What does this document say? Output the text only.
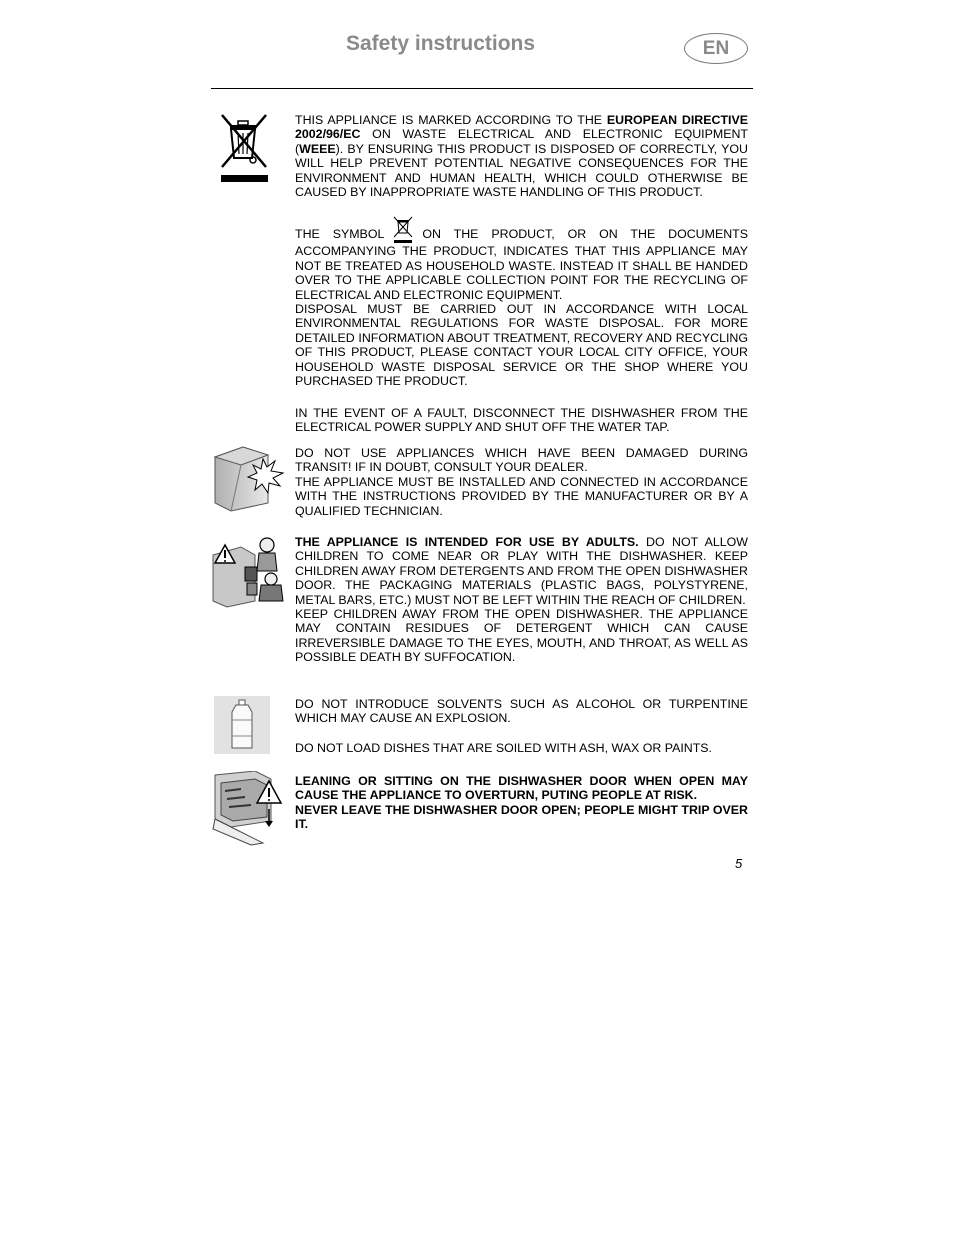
Safety instructions	EN

THIS APPLIANCE IS MARKED ACCORDING TO THE EUROPEAN DIRECTIVE 2002/96/EC ON WASTE ELECTRICAL AND ELECTRONIC EQUIPMENT (WEEE). BY ENSURING THIS PRODUCT IS DISPOSED OF CORRECTLY, YOU WILL HELP PREVENT POTENTIAL NEGATIVE CONSEQUENCES FOR THE ENVIRONMENT AND HUMAN HEALTH, WHICH COULD OTHERWISE BE CAUSED BY INAPPROPRIATE WASTE HANDLING OF THIS PRODUCT.

THE SYMBOL	ON THE PRODUCT, OR ON THE DOCUMENTS ACCOMPANYING THE PRODUCT, INDICATES THAT THIS APPLIANCE MAY NOT BE TREATED AS HOUSEHOLD WASTE. INSTEAD IT SHALL BE HANDED OVER TO THE APPLICABLE COLLECTION POINT FOR THE RECYCLING OF ELECTRICAL AND ELECTRONIC EQUIPMENT.

DISPOSAL MUST BE CARRIED OUT IN ACCORDANCE WITH LOCAL ENVIRONMENTAL REGULATIONS FOR WASTE DISPOSAL. FOR MORE DETAILED INFORMATION ABOUT TREATMENT, RECOVERY AND RECYCLING OF THIS PRODUCT, PLEASE CONTACT YOUR LOCAL CITY OFFICE, YOUR HOUSEHOLD WASTE DISPOSAL SERVICE OR THE SHOP WHERE YOU PURCHASED THE PRODUCT.

IN THE EVENT OF A FAULT, DISCONNECT THE DISHWASHER FROM THE ELECTRICAL POWER SUPPLY AND SHUT OFF THE WATER TAP.

DO NOT USE APPLIANCES WHICH HAVE BEEN DAMAGED DURING TRANSIT! IF IN DOUBT, CONSULT YOUR DEALER.

THE APPLIANCE MUST BE INSTALLED AND CONNECTED IN ACCORDANCE WITH THE INSTRUCTIONS PROVIDED BY THE MANUFACTURER OR BY A QUALIFIED TECHNICIAN.

THE APPLIANCE IS INTENDED FOR USE BY ADULTS. DO NOT ALLOW CHILDREN TO COME NEAR OR PLAY WITH THE DISHWASHER. KEEP CHILDREN AWAY FROM DETERGENTS AND FROM THE OPEN DISHWASHER DOOR. THE PACKAGING MATERIALS (PLASTIC BAGS, POLYSTYRENE, METAL BARS, ETC.) MUST NOT BE LEFT WITHIN THE REACH OF CHILDREN.

KEEP CHILDREN AWAY FROM THE OPEN DISHWASHER. THE APPLIANCE MAY CONTAIN RESIDUES OF DETERGENT WHICH CAN CAUSE IRREVERSIBLE DAMAGE TO THE EYES, MOUTH, AND THROAT, AS WELL AS POSSIBLE DEATH BY SUFFOCATION.

DO NOT INTRODUCE SOLVENTS SUCH AS ALCOHOL OR TURPENTINE WHICH MAY CAUSE AN EXPLOSION.

DO NOT LOAD DISHES THAT ARE SOILED WITH ASH, WAX OR PAINTS.

LEANING OR SITTING ON THE DISHWASHER DOOR WHEN OPEN MAY CAUSE THE APPLIANCE TO OVERTURN, PUTING PEOPLE AT RISK.

NEVER LEAVE THE DISHWASHER DOOR OPEN; PEOPLE MIGHT TRIP OVER IT.

5
